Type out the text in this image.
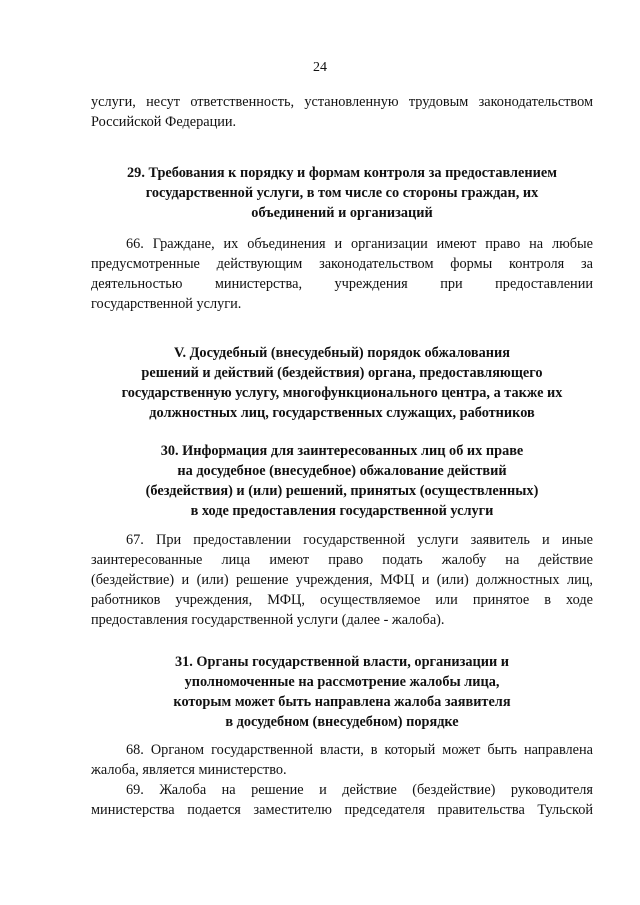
24
услуги, несут ответственность, установленную трудовым законодательством
Российской Федерации.
29. Требования к порядку и формам контроля за предоставлением
государственной услуги, в том числе со стороны граждан, их
объединений и организаций
66. Граждане, их объединения и организации имеют право на любые
предусмотренные действующим законодательством формы контроля за
деятельностью министерства, учреждения при предоставлении
государственной услуги.
V. Досудебный (внесудебный) порядок обжалования
решений и действий (бездействия) органа, предоставляющего
государственную услугу, многофункционального центра, а также их
должностных лиц, государственных служащих, работников
30. Информация для заинтересованных лиц об их праве
на досудебное (внесудебное) обжалование действий
(бездействия) и (или) решений, принятых (осуществленных)
в ходе предоставления государственной услуги
67. При предоставлении государственной услуги заявитель и иные
заинтересованные лица имеют право подать жалобу на действие
(бездействие) и (или) решение учреждения, МФЦ и (или) должностных лиц,
работников учреждения, МФЦ, осуществляемое или принятое в ходе
предоставления государственной услуги (далее - жалоба).
31. Органы государственной власти, организации и
уполномоченные на рассмотрение жалобы лица,
которым может быть направлена жалоба заявителя
в досудебном (внесудебном) порядке
68. Органом государственной власти, в который может быть направлена
жалоба, является министерство.
69. Жалоба на решение и действие (бездействие) руководителя
министерства подается заместителю председателя правительства Тульской
